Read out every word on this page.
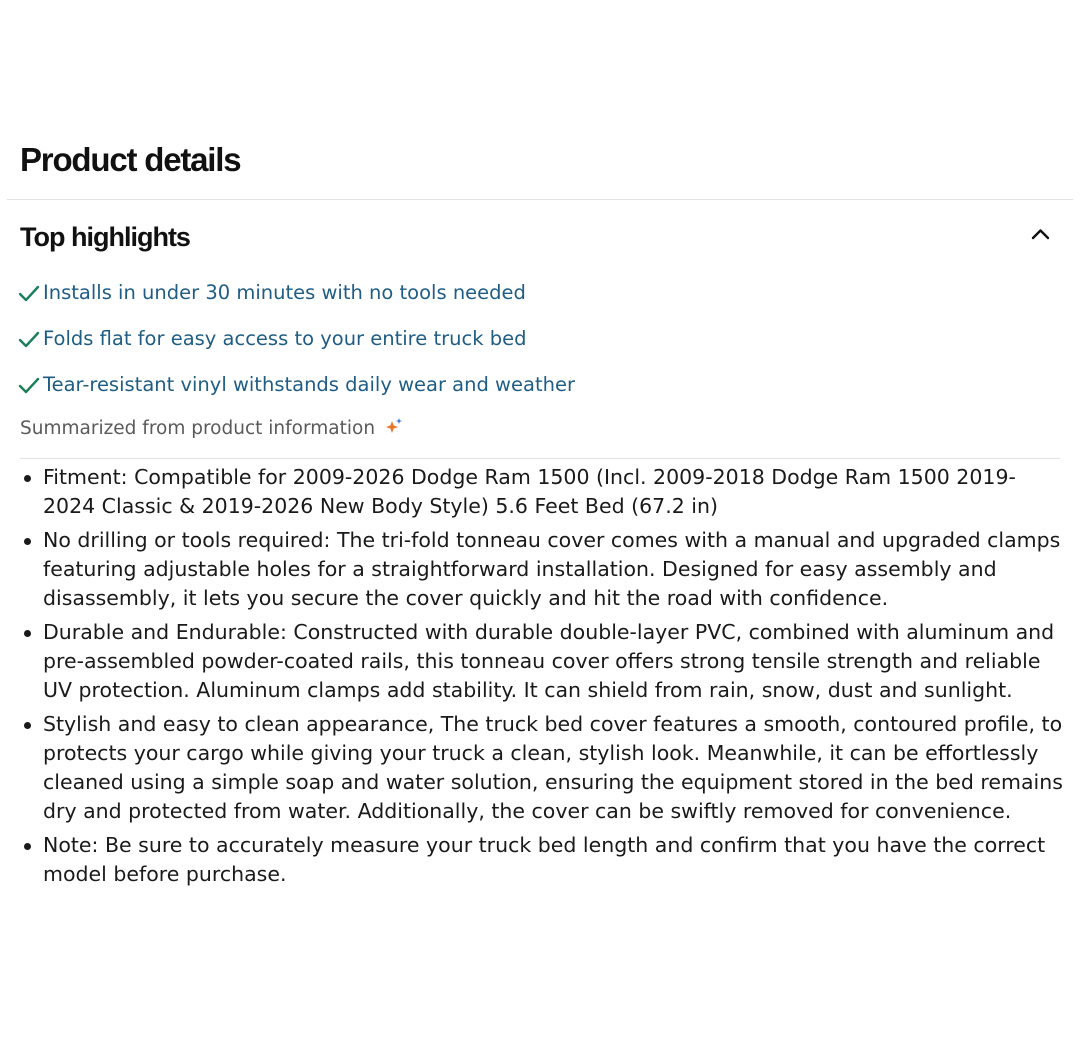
Product details
Top highlights
Installs in under 30 minutes with no tools needed
Folds flat for easy access to your entire truck bed
Tear-resistant vinyl withstands daily wear and weather
Summarized from product information
Fitment: Compatible for 2009-2026 Dodge Ram 1500 (Incl. 2009-2018 Dodge Ram 1500 2019-2024 Classic & 2019-2026 New Body Style) 5.6 Feet Bed (67.2 in)
No drilling or tools required: The tri-fold tonneau cover comes with a manual and upgraded clamps featuring adjustable holes for a straightforward installation. Designed for easy assembly and disassembly, it lets you secure the cover quickly and hit the road with confidence.
Durable and Endurable: Constructed with durable double-layer PVC, combined with aluminum and pre-assembled powder-coated rails, this tonneau cover offers strong tensile strength and reliable UV protection. Aluminum clamps add stability. It can shield from rain, snow, dust and sunlight.
Stylish and easy to clean appearance, The truck bed cover features a smooth, contoured profile, to protects your cargo while giving your truck a clean, stylish look. Meanwhile, it can be effortlessly cleaned using a simple soap and water solution, ensuring the equipment stored in the bed remains dry and protected from water. Additionally, the cover can be swiftly removed for convenience.
Note: Be sure to accurately measure your truck bed length and confirm that you have the correct model before purchase.
